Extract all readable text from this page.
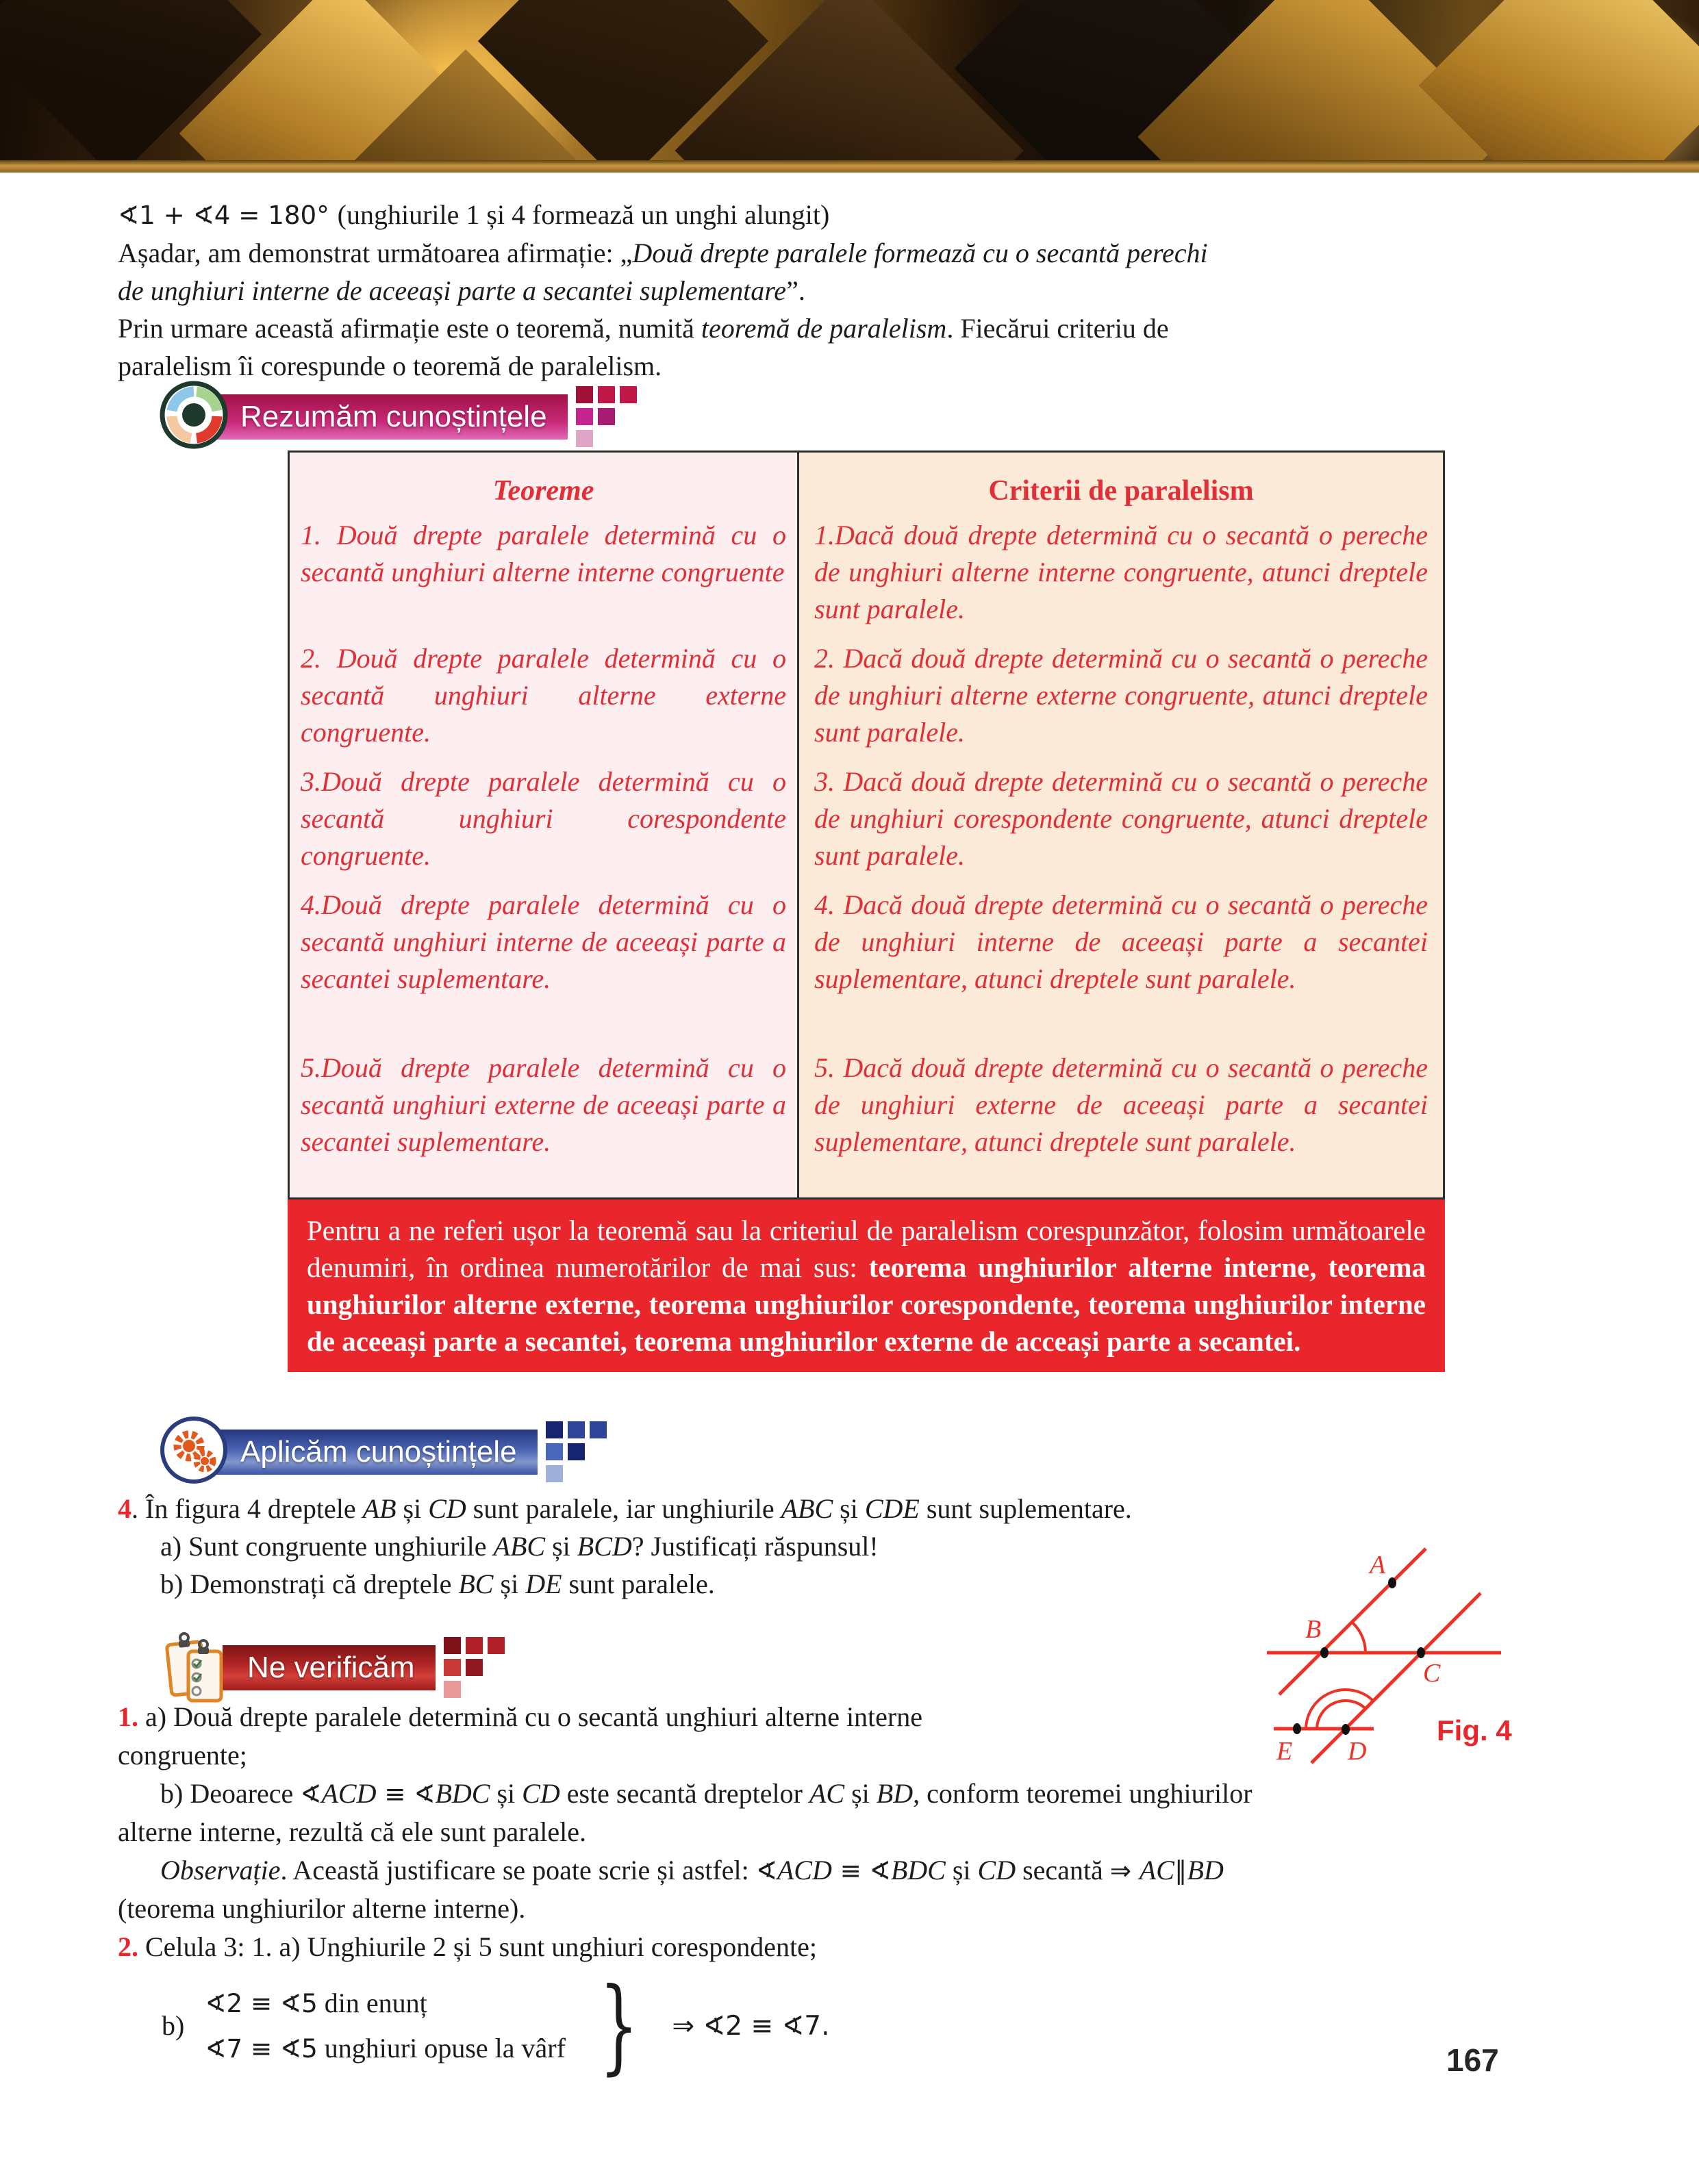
∢1 + ∢4 = 180° (unghiurile 1 și 4 formează un unghi alungit)

Așadar, am demonstrat următoarea afirmație: „Două drepte paralele formează cu o secantă perechi
de unghiuri interne de aceeași parte a secantei suplementare”.

Prin urmare această afirmație este o teoremă, numită teoremă de paralelism. Fiecărui criteriu de
paralelism îi corespunde o teoremă de paralelism.

Rezumăm cunoștințele
Teoreme	Criterii de paralelism

1. Două drepte paralele determină cu o secantă unghiuri alterne interne congruente

1.Dacă două drepte determină cu o secantă o pereche de unghiuri alterne interne congruente, atunci dreptele sunt paralele.

2. Două drepte paralele determină cu o secantă unghiuri alterne externe congruente.

2. Dacă două drepte determină cu o secantă o pereche de unghiuri alterne externe congruente, atunci dreptele sunt paralele.

3.Două drepte paralele determină cu o secantă unghiuri corespondente congruente.

3. Dacă două drepte determină cu o secantă o pereche de unghiuri corespondente congruente, atunci dreptele sunt paralele.

4.Două drepte paralele determină cu o secantă unghiuri interne de aceeași parte a secantei suplementare.

4. Dacă două drepte determină cu o secantă o pereche de unghiuri interne de aceeași parte a secantei suplementare, atunci dreptele sunt paralele.

5.Două drepte paralele determină cu o secantă unghiuri externe de aceeași parte a secantei suplementare.

5. Dacă două drepte determină cu o secantă o pereche de unghiuri externe de aceeași parte a secantei suplementare, atunci dreptele sunt paralele.

Pentru a ne referi ușor la teoremă sau la criteriul de paralelism corespunzător, folosim următoarele denumiri, în ordinea numerotărilor de mai sus: teorema unghiurilor alterne interne, teorema unghiurilor alterne externe, teorema unghiurilor corespondente, teorema unghiurilor interne de aceeași parte a secantei, teorema unghiurilor externe de acceași parte a secantei.
Aplicăm cunoștințele

4. În figura 4 dreptele AB și CD sunt paralele, iar unghiurile ABC și CDE sunt suplementare.

a) Sunt congruente unghiurile ABC și BCD? Justificați răspunsul!

b) Demonstrați că dreptele BC și DE sunt paralele.

A
B
C
D
E
Fig. 4
Ne verificăm

1. a) Două drepte paralele determină cu o secantă unghiuri alterne interne
congruente;

b) Deoarece ∢ACD ≡ ∢BDC și CD este secantă dreptelor AC și BD, conform teoremei unghiurilor
alterne interne, rezultă că ele sunt paralele.

Observație. Această justificare se poate scrie și astfel: ∢ACD ≡ ∢BDC și CD secantă ⇒ AC∥BD
(teorema unghiurilor alterne interne).

2. Celula 3: 1. a) Unghiurile 2 și 5 sunt unghiuri corespondente;

b)
∢2 ≡ ∢5 din enunț
∢7 ≡ ∢5 unghiuri opuse la vârf } ⇒ ∢2 ≡ ∢7.
167
